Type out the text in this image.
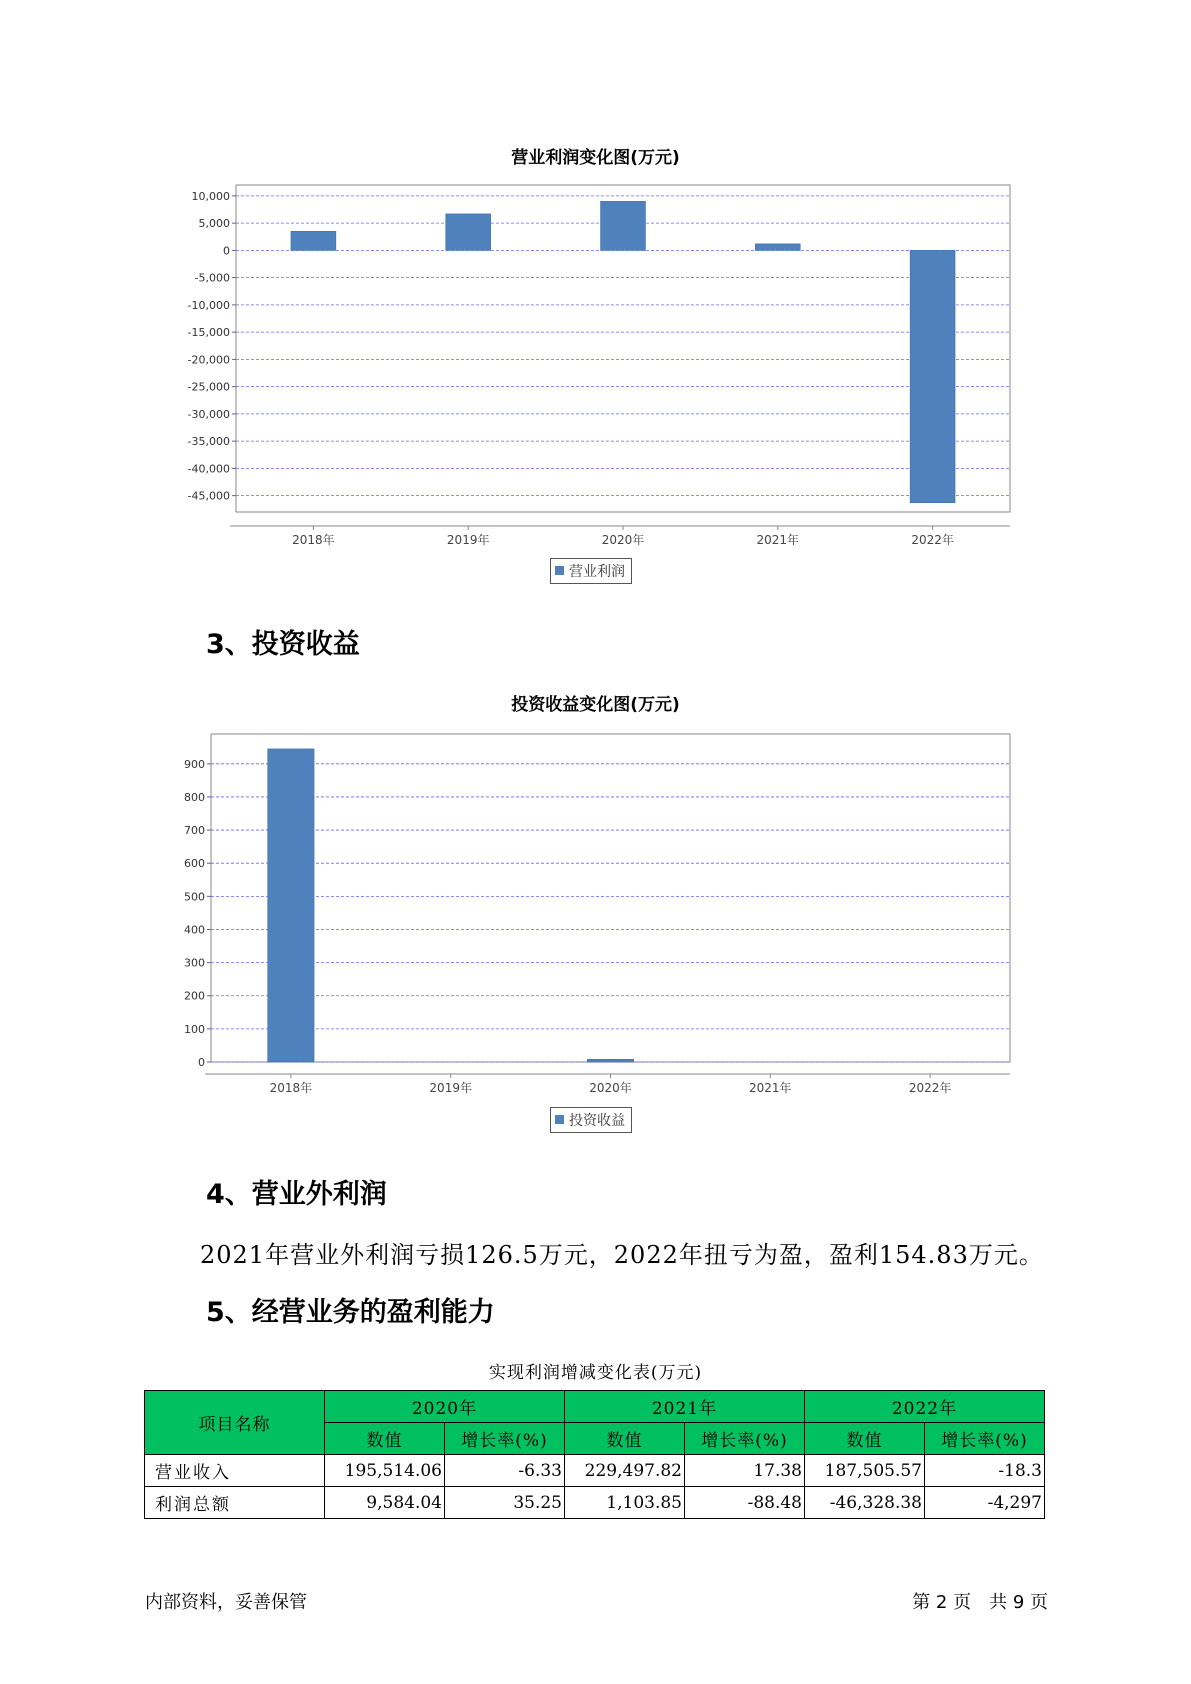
营业利润变化图(万元)
10,000
5,000
0
-5,000
-10,000
-15,000
-20,000
-25,000
-30,000
-35,000
-40,000
-45,000
2018年	2019年	2020年	2021年	2022年
营业利润
3、投资收益
投资收益变化图(万元)
0
100
200
300
400
500
600
700
800
900
2018年	2019年	2020年	2021年	2022年
投资收益
4、营业外利润
2021年营业外利润亏损126.5万元，2022年扭亏为盈，盈利154.83万元。
5、经营业务的盈利能力
实现利润增减变化表(万元)
项目名称	2020年		2021年		2022年	
	数值	增长率(%)	数值	增长率(%)	数值	增长率(%)
营业收入	195,514.06	-6.33	229,497.82	17.38	187,505.57	-18.3
利润总额	9,584.04	35.25	1,103.85	-88.48	-46,328.38	-4,297
内部资料，妥善保管	第 2 页　共 9 页
